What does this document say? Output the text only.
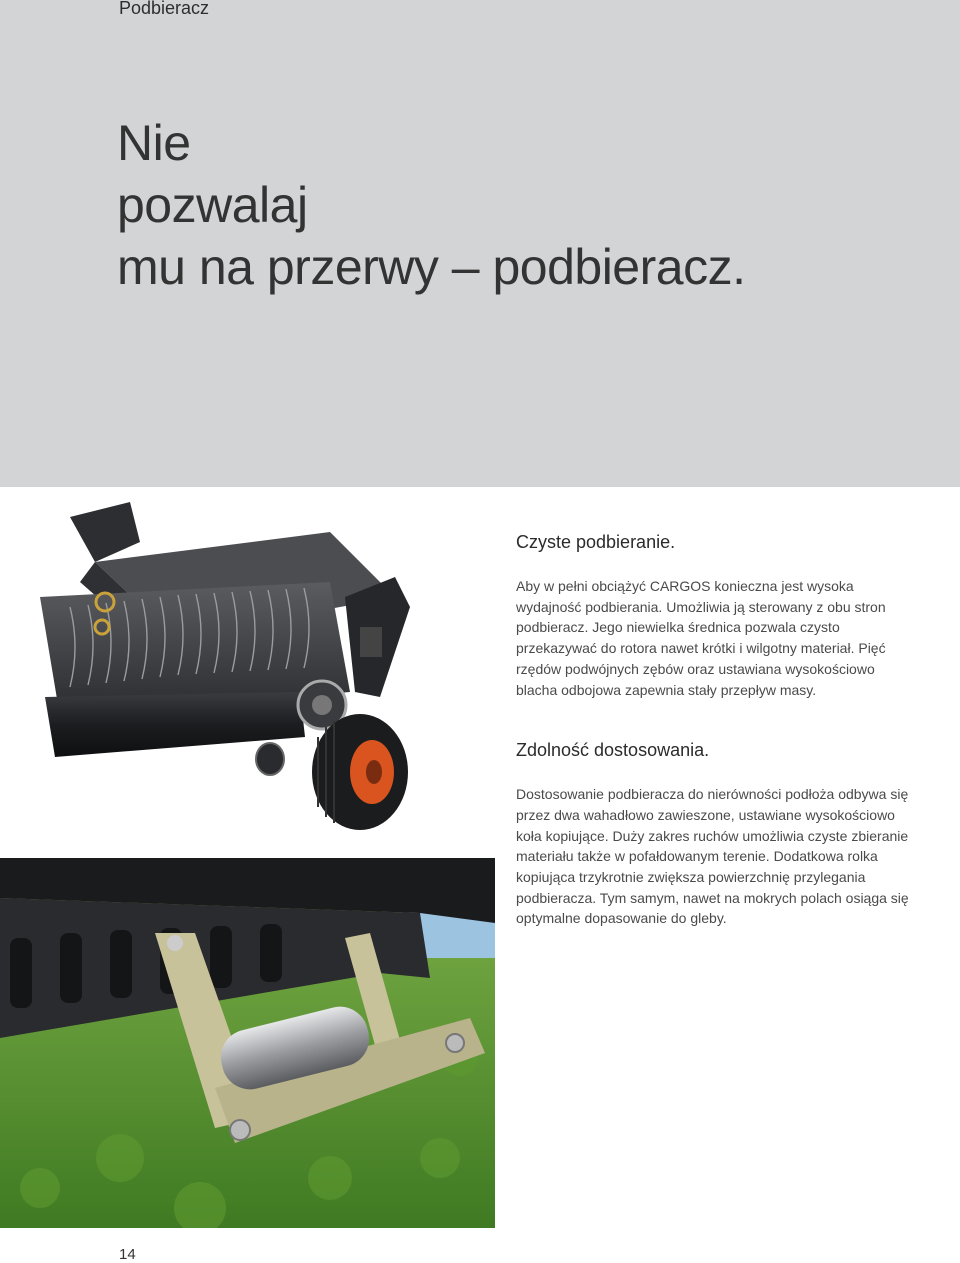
Podbieracz
Nie
pozwalaj
mu na przerwy – podbieracz.
Czyste podbieranie.

Aby w pełni obciążyć CARGOS konieczna jest wysoka wydajność podbierania. Umożliwia ją sterowany z obu stron podbieracz. Jego niewielka średnica pozwala czysto przekazywać do rotora nawet krótki i wilgotny materiał. Pięć rzędów podwójnych zębów oraz ustawiana wysokościowo blacha odbojowa zapewnia stały przepływ masy.

Zdolność dostosowania.

Dostosowanie podbieracza do nierówności podłoża odbywa się przez dwa wahadłowo zawieszone, ustawiane wysokościowo koła kopiujące. Duży zakres ruchów umożliwia czyste zbieranie materiału także w pofałdowanym terenie. Dodatkowa rolka kopiująca trzykrotnie zwiększa powierzchnię przylegania podbieracza. Tym samym, nawet na mokrych polach osiąga się optymalne dopasowanie do gleby.

14
